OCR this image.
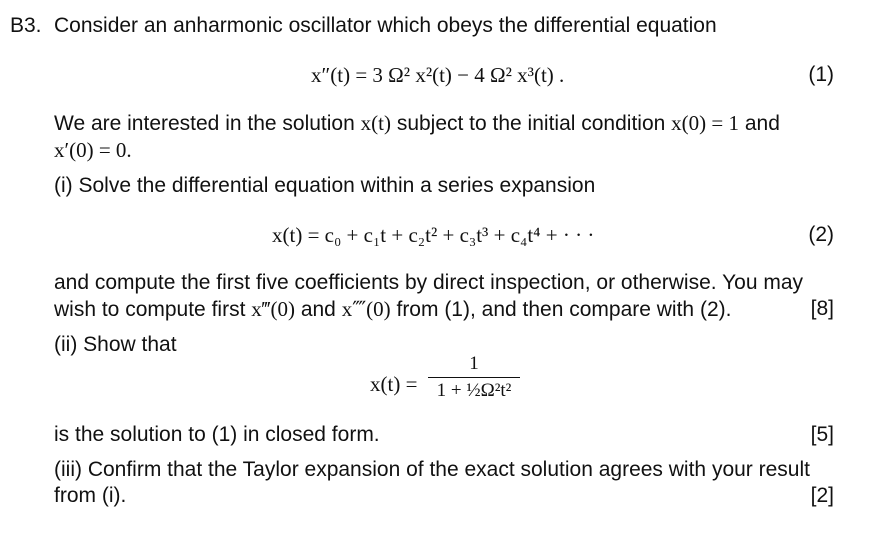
B3. Consider an anharmonic oscillator which obeys the differential equation
x″(t) = 3 Ω² x²(t) − 4 Ω² x³(t) .	(1)
We are interested in the solution x(t) subject to the initial condition x(0) = 1 and
x′(0) = 0.
(i) Solve the differential equation within a series expansion
x(t) = c₀ + c₁t + c₂t² + c₃t³ + c₄t⁴ + · · ·	(2)
and compute the first five coefficients by direct inspection, or otherwise. You may
wish to compute first x‴(0) and x⁗(0) from (1), and then compare with (2).	[8]
(ii) Show that
x(t) =
1
1 + ½Ω²t²
is the solution to (1) in closed form.	[5]
(iii) Confirm that the Taylor expansion of the exact solution agrees with your result
from (i).	[2]
